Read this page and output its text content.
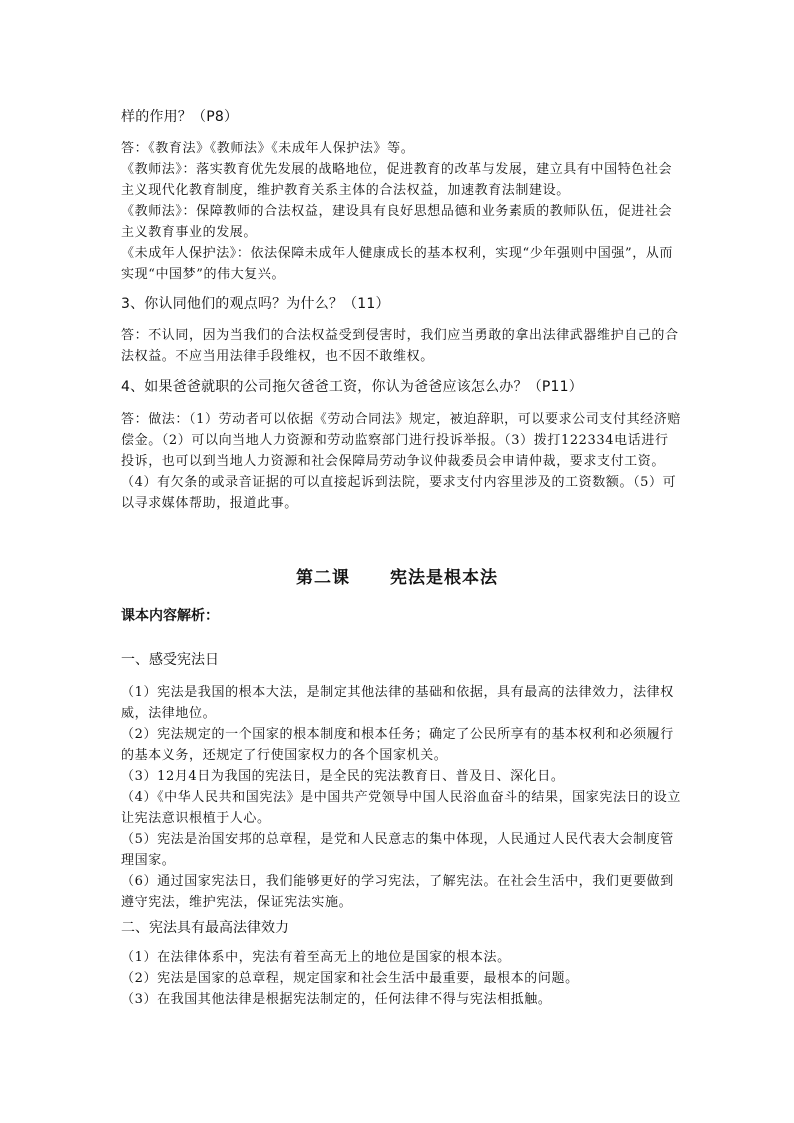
样的作用？（P8）

答：《教育法》《教师法》《未成年人保护法》等。

《教师法》：落实教育优先发展的战略地位，促进教育的改革与发展，建立具有中国特色社会主义现代化教育制度，维护教育关系主体的合法权益，加速教育法制建设。

《教师法》：保障教师的合法权益，建设具有良好思想品德和业务素质的教师队伍，促进社会主义教育事业的发展。

《未成年人保护法》：依法保障未成年人健康成长的基本权利，实现“少年强则中国强”，从而实现“中国梦”的伟大复兴。

3、你认同他们的观点吗？为什么？（11）

答：不认同，因为当我们的合法权益受到侵害时，我们应当勇敢的拿出法律武器维护自己的合法权益。不应当用法律手段维权，也不因不敢维权。

4、如果爸爸就职的公司拖欠爸爸工资，你认为爸爸应该怎么办？（P11）

答：做法：（1）劳动者可以依据《劳动合同法》规定，被迫辞职，可以要求公司支付其经济赔偿金。（2）可以向当地人力资源和劳动监察部门进行投诉举报。（3）拨打122334电话进行投诉，也可以到当地人力资源和社会保障局劳动争议仲裁委员会申请仲裁，要求支付工资。（4）有欠条的或录音证据的可以直接起诉到法院，要求支付内容里涉及的工资数额。（5）可以寻求媒体帮助，报道此事。

第二课 宪法是根本法
课本内容解析：
一、感受宪法日

（1）宪法是我国的根本大法，是制定其他法律的基础和依据，具有最高的法律效力，法律权威，法律地位。

（2）宪法规定的一个国家的根本制度和根本任务；确定了公民所享有的基本权利和必须履行的基本义务，还规定了行使国家权力的各个国家机关。

（3）12月4日为我国的宪法日，是全民的宪法教育日、普及日、深化日。

（4）《中华人民共和国宪法》是中国共产党领导中国人民浴血奋斗的结果，国家宪法日的设立让宪法意识根植于人心。

（5）宪法是治国安邦的总章程，是党和人民意志的集中体现，人民通过人民代表大会制度管理国家。

（6）通过国家宪法日，我们能够更好的学习宪法，了解宪法。在社会生活中，我们更要做到遵守宪法，维护宪法，保证宪法实施。

二、宪法具有最高法律效力

（1）在法律体系中，宪法有着至高无上的地位是国家的根本法。

（2）宪法是国家的总章程，规定国家和社会生活中最重要，最根本的问题。

（3）在我国其他法律是根据宪法制定的，任何法律不得与宪法相抵触。
